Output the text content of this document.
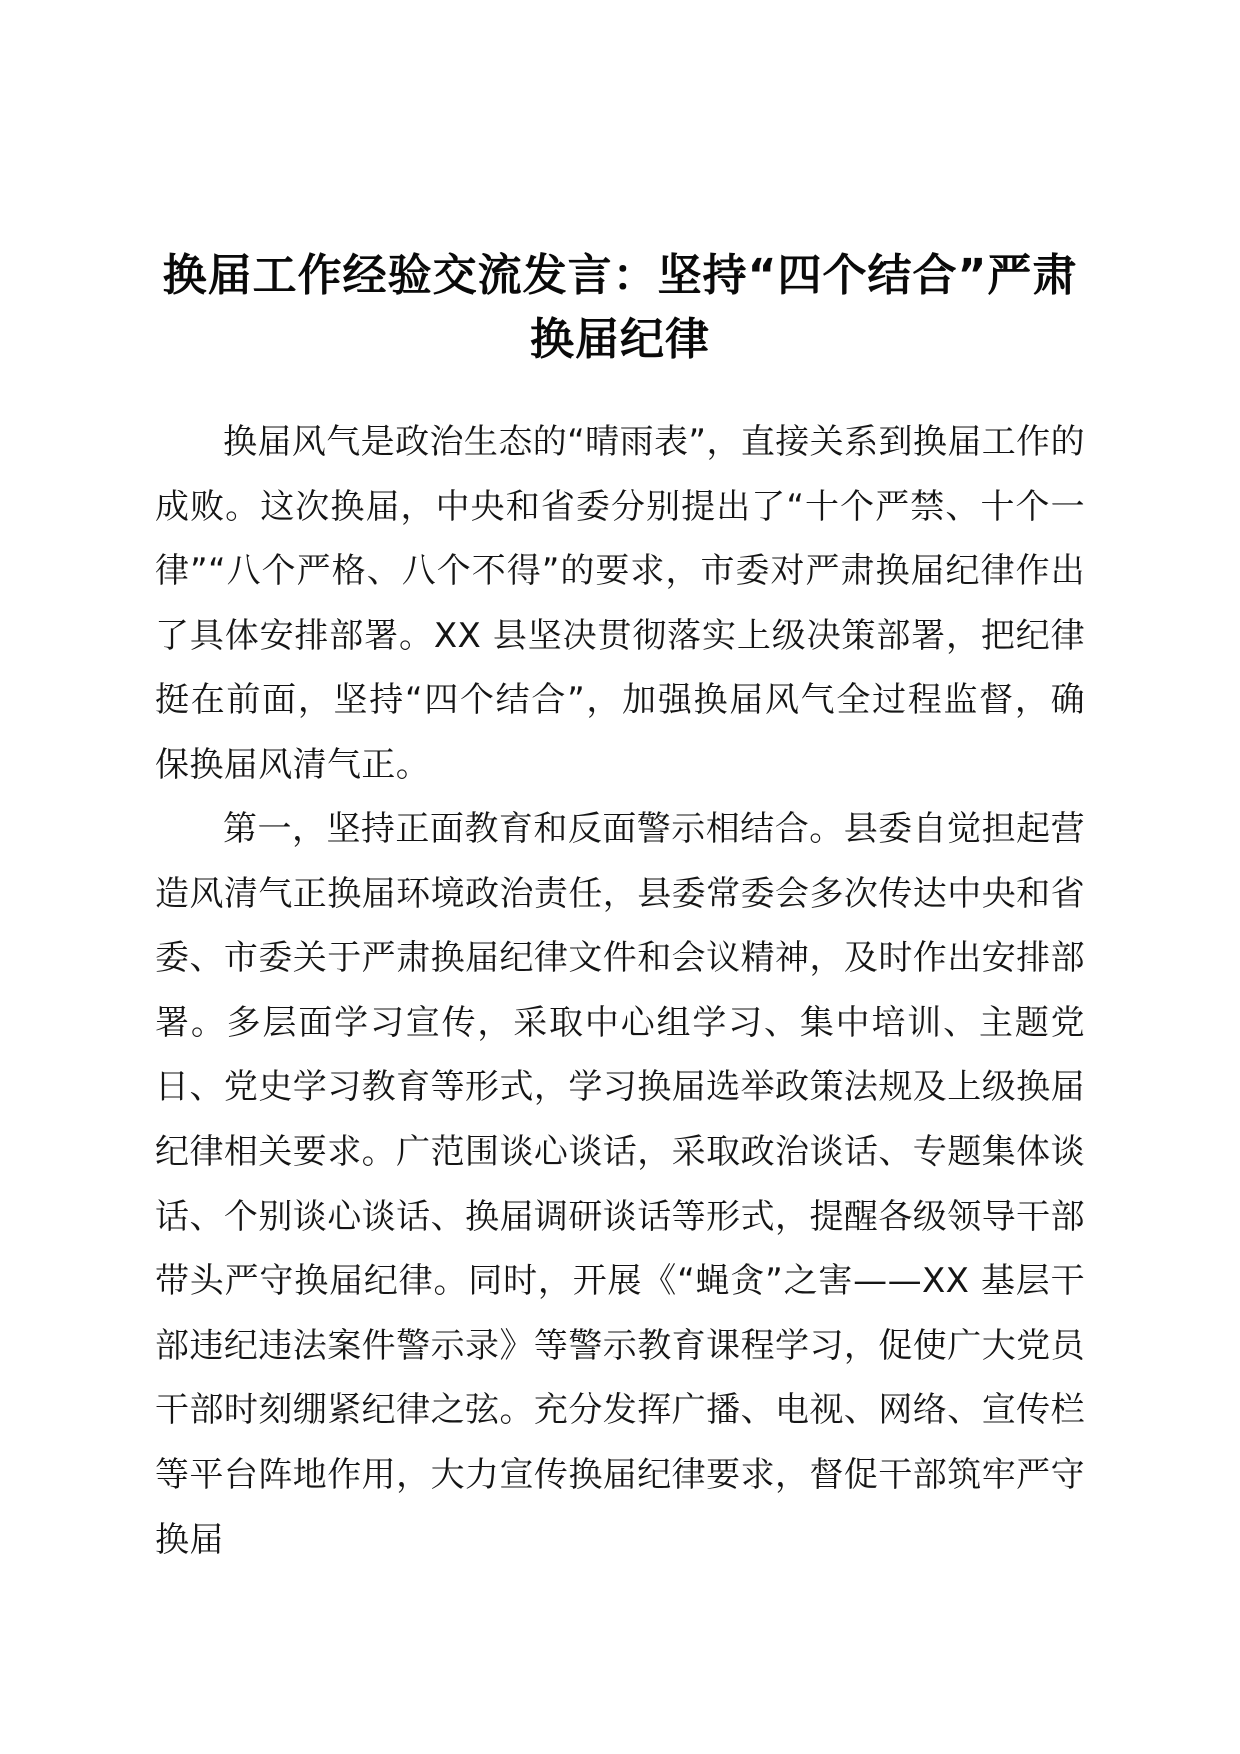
换届工作经验交流发言：坚持“四个结合”严肃换届纪律

换届风气是政治生态的“晴雨表”，直接关系到换届工作的成败。这次换届，中央和省委分别提出了“十个严禁、十个一律”“八个严格、八个不得”的要求，市委对严肃换届纪律作出了具体安排部署。XX 县坚决贯彻落实上级决策部署，把纪律挺在前面，坚持“四个结合”，加强换届风气全过程监督，确保换届风清气正。

第一，坚持正面教育和反面警示相结合。县委自觉担起营造风清气正换届环境政治责任，县委常委会多次传达中央和省委、市委关于严肃换届纪律文件和会议精神，及时作出安排部署。多层面学习宣传，采取中心组学习、集中培训、主题党日、党史学习教育等形式，学习换届选举政策法规及上级换届纪律相关要求。广范围谈心谈话，采取政治谈话、专题集体谈话、个别谈心谈话、换届调研谈话等形式，提醒各级领导干部带头严守换届纪律。同时，开展《“蝇贪”之害——XX 基层干部违纪违法案件警示录》等警示教育课程学习，促使广大党员干部时刻绷紧纪律之弦。充分发挥广播、电视、网络、宣传栏等平台阵地作用，大力宣传换届纪律要求，督促干部筑牢严守换届
